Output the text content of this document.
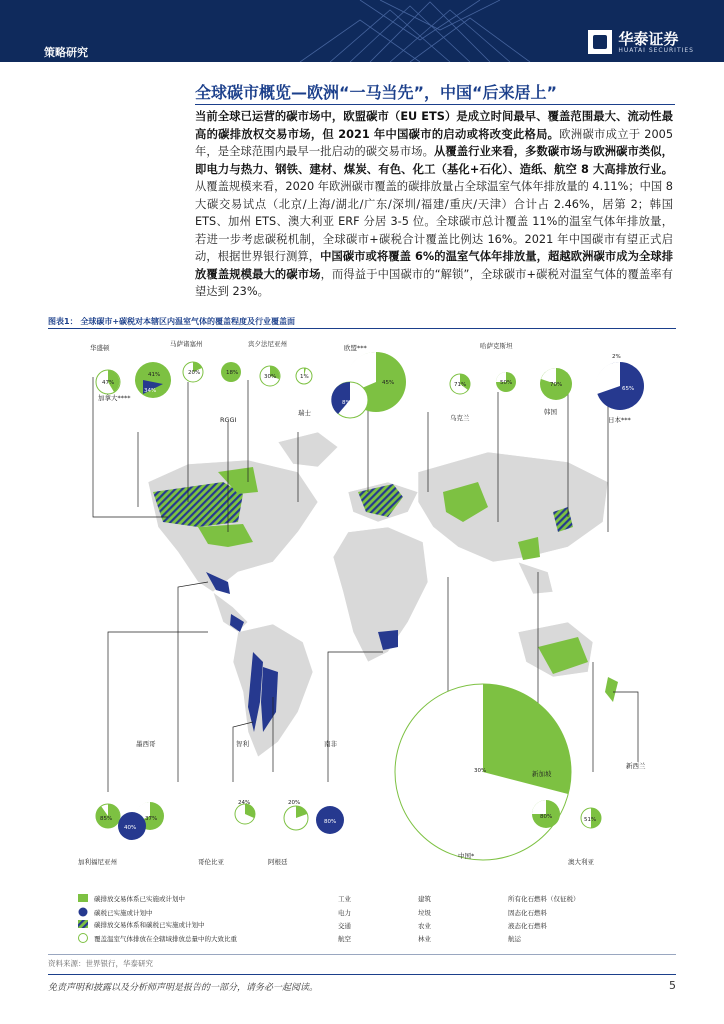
策略研究
华泰证券
HUATAI SECURITIES
全球碳市概览—欧洲“一马当先”，中国“后来居上”
当前全球已运营的碳市场中，欧盟碳市（EU ETS）是成立时间最早、覆盖范围最大、流动性最高的碳排放权交易市场，但 2021 年中国碳市的启动或将改变此格局。欧洲碳市成立于 2005 年，是全球范围内最早一批启动的碳交易市场。从覆盖行业来看，多数碳市场与欧洲碳市类似，即电力与热力、钢铁、建材、煤炭、有色、化工（基化+石化）、造纸、航空 8 大高排放行业。从覆盖规模来看，2020 年欧洲碳市覆盖的碳排放量占全球温室气体年排放量的 4.11%；中国 8 大碳交易试点（北京/上海/湖北/广东/深圳/福建/重庆/天津）合计占 2.46%，居第 2；韩国 ETS、加州 ETS、澳大利亚 ERF 分居 3-5 位。全球碳市总计覆盖 11%的温室气体年排放量，若进一步考虑碳税机制，全球碳市+碳税合计覆盖比例达 16%。2021 年中国碳市有望正式启动，根据世界银行测算，中国碳市或将覆盖 6%的温室气体年排放量，超越欧洲碳市成为全球排放覆盖规模最大的碳市场，而得益于中国碳市的“解锁”，全球碳市+碳税对温室气体的覆盖率有望达到 23%。
图表1： 全球碳市+碳税对本辖区内温室气体的覆盖程度及行业覆盖面
华盛顿	马萨诸塞州	宾夕法尼亚州	欧盟***
瑞士
哈萨克斯坦
韩国
日本***
加拿大****
RGGI	乌克兰
墨西哥	智利	南非
中国*
新加坡
新西兰
加利福尼亚州	哥伦比亚	阿根廷	澳大利亚
47%
41%
34%
20%	18%
30%	1%
45%
8%
71%	50%	70%
2%
65%
30%
85%
40%
37%
24%	20%
80%
80%	51%
碳排放交易体系已实施或计划中
碳税已实施或计划中
碳排放交易体系和碳税已实施或计划中
覆盖温室气体排放在全辖域排放总量中的大致比重
工业
电力
交通
航空
建筑
垃圾
农业
林业
所有化石燃料（仅征税）
固态化石燃料
液态化石燃料
航运
资料来源：世界银行，华泰研究
免责声明和披露以及分析师声明是报告的一部分，请务必一起阅读。	5
